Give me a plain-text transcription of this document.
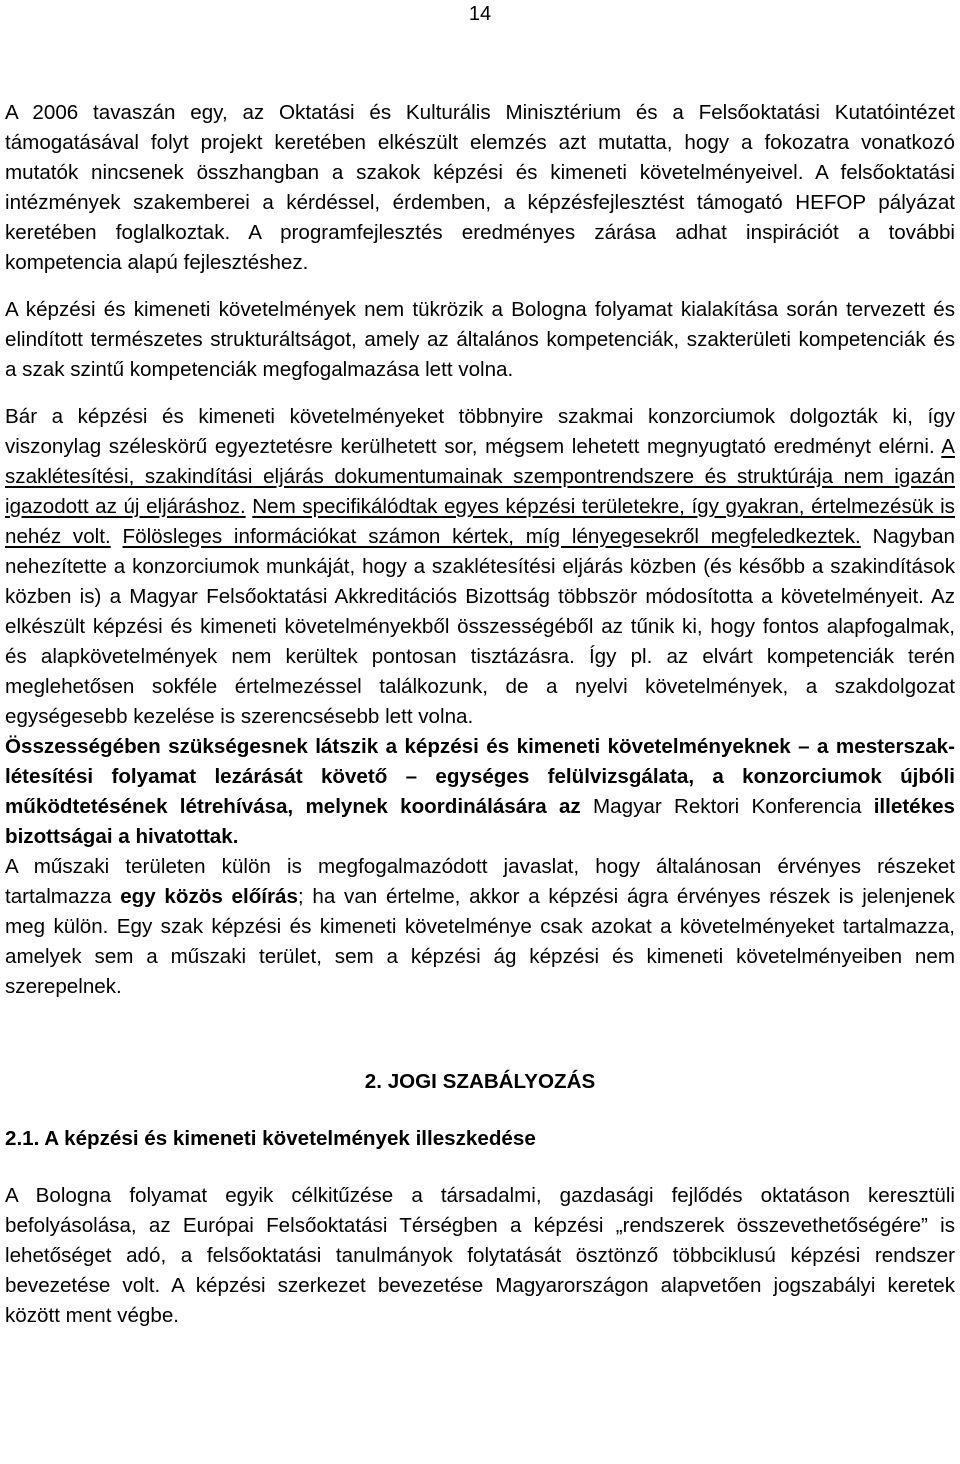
14

A 2006 tavaszán egy, az Oktatási és Kulturális Minisztérium és a Felsőoktatási Kutatóintézet támogatásával folyt projekt keretében elkészült elemzés azt mutatta, hogy a fokozatra vonatkozó mutatók nincsenek összhangban a szakok képzési és kimeneti követelményeivel. A felsőoktatási intézmények szakemberei a kérdéssel, érdemben, a képzésfejlesztést támogató HEFOP pályázat keretében foglalkoztak. A programfejlesztés eredményes zárása adhat inspirációt a további kompetencia alapú fejlesztéshez.

A képzési és kimeneti követelmények nem tükrözik a Bologna folyamat kialakítása során tervezett és elindított természetes strukturáltságot, amely az általános kompetenciák, szakterületi kompetenciák és a szak szintű kompetenciák megfogalmazása lett volna.

Bár a képzési és kimeneti követelményeket többnyire szakmai konzorciumok dolgozták ki, így viszonylag széleskörű egyeztetésre kerülhetett sor, mégsem lehetett megnyugtató eredményt elérni. A szaklétesítési, szakindítási eljárás dokumentumainak szempontrendszere és struktúrája nem igazán igazodott az új eljáráshoz. Nem specifikálódtak egyes képzési területekre, így gyakran, értelmezésük is nehéz volt. Fölösleges információkat számon kértek, míg lényegesekről megfeledkeztek. Nagyban nehezítette a konzorciumok munkáját, hogy a szaklétesítési eljárás közben (és később a szakindítások közben is) a Magyar Felsőoktatási Akkreditációs Bizottság többször módosította a követelményeit. Az elkészült képzési és kimeneti követelményekből összességéből az tűnik ki, hogy fontos alapfogalmak, és alapkövetelmények nem kerültek pontosan tisztázásra. Így pl. az elvárt kompetenciák terén meglehetősen sokféle értelmezéssel találkozunk, de a nyelvi követelmények, a szakdolgozat egységesebb kezelése is szerencsésebb lett volna.

Összességében szükségesnek látszik a képzési és kimeneti követelményeknek – a mesterszak-létesítési folyamat lezárását követő – egységes felülvizsgálata, a konzorciumok újbóli működtetésének létrehívása, melynek koordinálására az Magyar Rektori Konferencia illetékes bizottságai a hivatottak.

A műszaki területen külön is megfogalmazódott javaslat, hogy általánosan érvényes részeket tartalmazza egy közös előírás; ha van értelme, akkor a képzési ágra érvényes részek is jelenjenek meg külön. Egy szak képzési és kimeneti követelménye csak azokat a követelményeket tartalmazza, amelyek sem a műszaki terület, sem a képzési ág képzési és kimeneti követelményeiben nem szerepelnek.

2. JOGI SZABÁLYOZÁS
2.1. A képzési és kimeneti követelmények illeszkedése

A Bologna folyamat egyik célkitűzése a társadalmi, gazdasági fejlődés oktatáson keresztüli befolyásolása, az Európai Felsőoktatási Térségben a képzési „rendszerek összevethetőségére” is lehetőséget adó, a felsőoktatási tanulmányok folytatását ösztönző többciklusú képzési rendszer bevezetése volt. A képzési szerkezet bevezetése Magyarországon alapvetően jogszabályi keretek között ment végbe.
